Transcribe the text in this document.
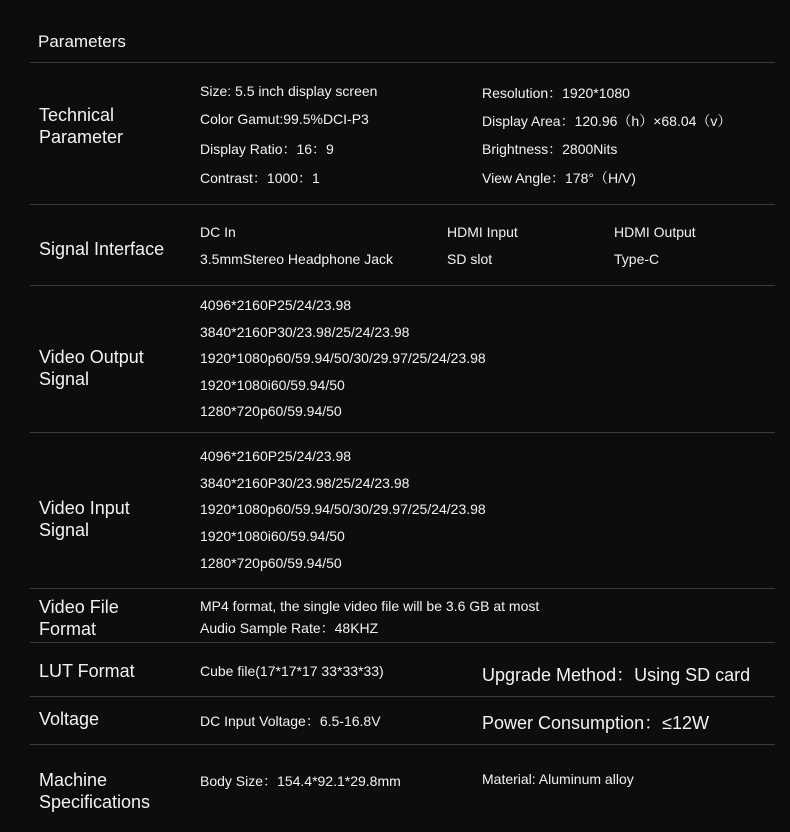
Parameters
Technical
Parameter
Size: 5.5 inch display screen	Resolution：1920*1080
Color Gamut:99.5%DCI-P3	Display Area：120.96（h）×68.04（v）
Display Ratio：16：9	Brightness：2800Nits
Contrast：1000：1	View Angle：178°（H/V)
Signal Interface
DC In	HDMI Input	HDMI Output
3.5mmStereo Headphone Jack	SD slot	Type-C
Video Output
Signal
4096*2160P25/24/23.98
3840*2160P30/23.98/25/24/23.98
1920*1080p60/59.94/50/30/29.97/25/24/23.98
1920*1080i60/59.94/50
1280*720p60/59.94/50
Video Input
Signal
4096*2160P25/24/23.98
3840*2160P30/23.98/25/24/23.98
1920*1080p60/59.94/50/30/29.97/25/24/23.98
1920*1080i60/59.94/50
1280*720p60/59.94/50
Video File
Format
MP4 format, the single video file will be 3.6 GB at most
Audio Sample Rate：48KHZ
LUT Format	Cube file(17*17*17 33*33*33)	Upgrade Method：Using SD card
Voltage	DC Input Voltage：6.5-16.8V	Power Consumption：≤12W
Machine
Specifications
Body Size：154.4*92.1*29.8mm	Material: Aluminum alloy
